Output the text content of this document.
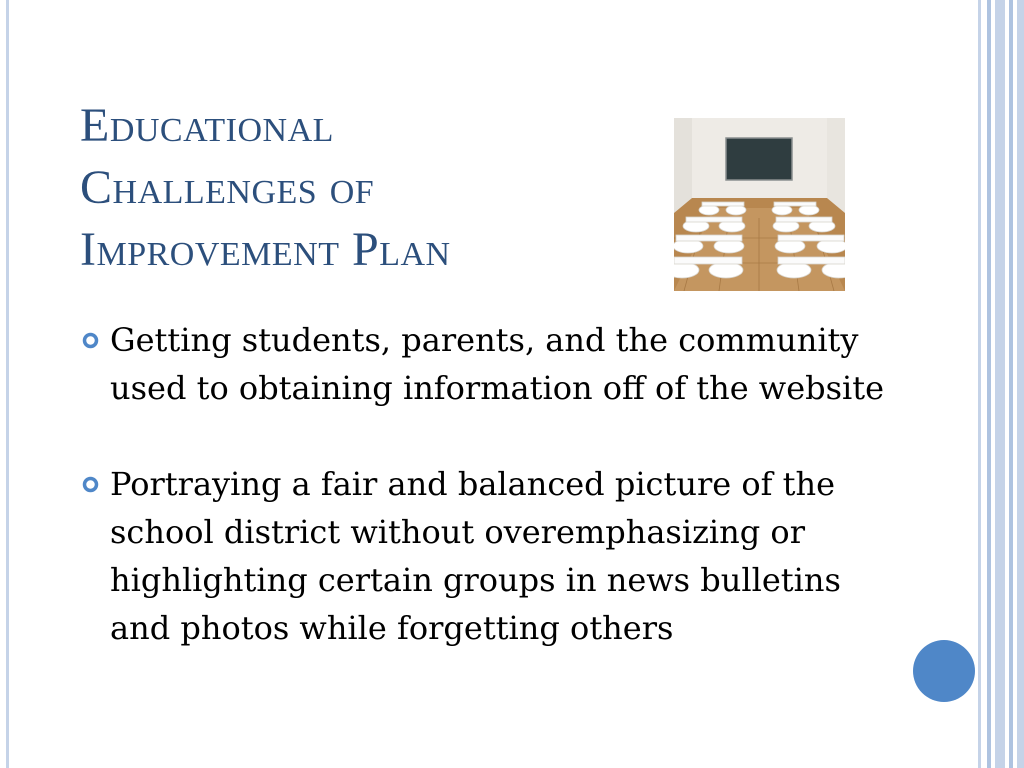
Educational
Challenges of
Improvement Plan
Getting students, parents, and the community used to obtaining information off of the website
Portraying a fair and balanced picture of the school district without overemphasizing or highlighting certain groups in news bulletins and photos while forgetting others
